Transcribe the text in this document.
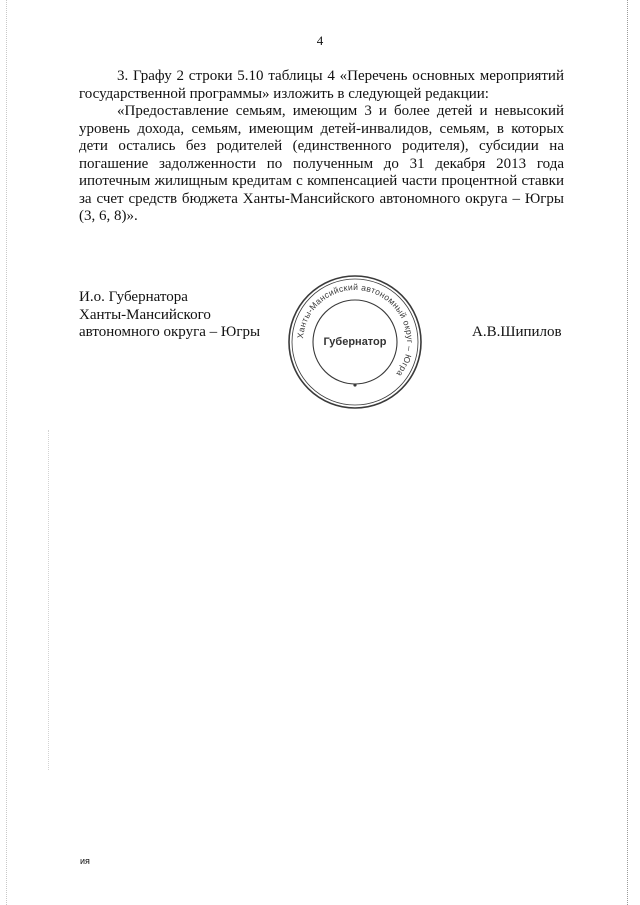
4

3. Графу 2 строки 5.10 таблицы 4 «Перечень основных мероприятий государственной программы» изложить в следующей редакции:

«Предоставление семьям, имеющим 3 и более детей и невысокий уровень дохода, семьям, имеющим детей-инвалидов, семьям, в которых дети остались без родителей (единственного родителя), субсидии на погашение задолженности по полученным до 31 декабря 2013 года ипотечным жилищным кредитам с компенсацией части процентной ставки за счет средств бюджета Ханты-Мансийского автономного округа – Югры (3, 6, 8)».

И.о. Губернатора
Ханты-Мансийского
автономного округа – Югры	Ханты-Мансийский автономный округ – Югра
Губернатор
А.В.Шипилов
ия
